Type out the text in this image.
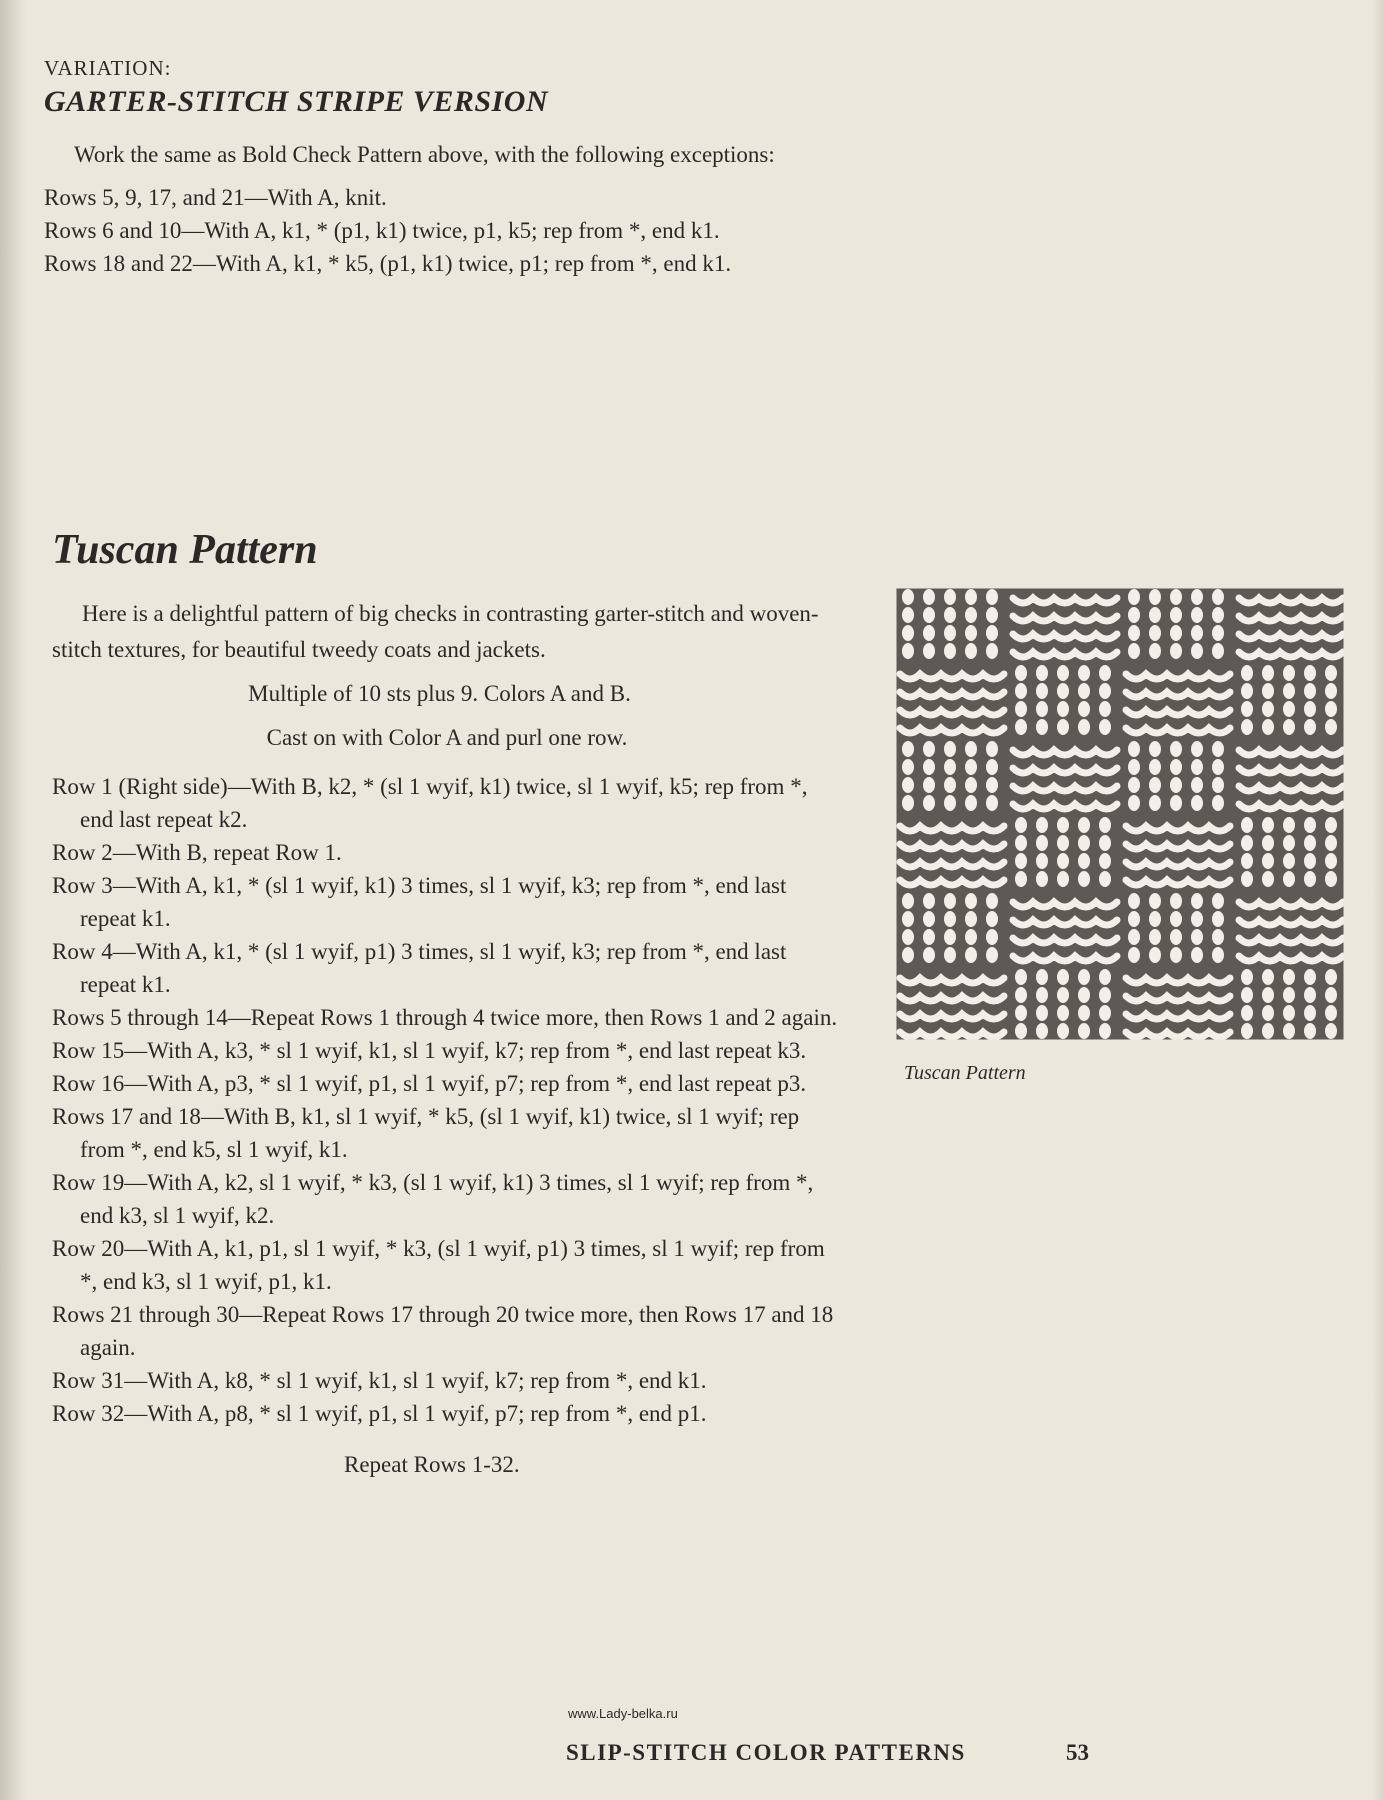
VARIATION:

GARTER-STITCH STRIPE VERSION

Work the same as Bold Check Pattern above, with the following exceptions:

Rows 5, 9, 17, and 21—With A, knit.

Rows 6 and 10—With A, k1, * (p1, k1) twice, p1, k5; rep from *, end k1.

Rows 18 and 22—With A, k1, * k5, (p1, k1) twice, p1; rep from *, end k1.

Tuscan Pattern

Here is a delightful pattern of big checks in contrasting garter-stitch and woven-stitch textures, for beautiful tweedy coats and jackets.

Multiple of 10 sts plus 9. Colors A and B.

Cast on with Color A and purl one row.

Row 1 (Right side)—With B, k2, * (sl 1 wyif, k1) twice, sl 1 wyif, k5; rep from *, end last repeat k2.

Row 2—With B, repeat Row 1.

Row 3—With A, k1, * (sl 1 wyif, k1) 3 times, sl 1 wyif, k3; rep from *, end last repeat k1.

Row 4—With A, k1, * (sl 1 wyif, p1) 3 times, sl 1 wyif, k3; rep from *, end last repeat k1.

Rows 5 through 14—Repeat Rows 1 through 4 twice more, then Rows 1 and 2 again.

Row 15—With A, k3, * sl 1 wyif, k1, sl 1 wyif, k7; rep from *, end last repeat k3.

Row 16—With A, p3, * sl 1 wyif, p1, sl 1 wyif, p7; rep from *, end last repeat p3.

Rows 17 and 18—With B, k1, sl 1 wyif, * k5, (sl 1 wyif, k1) twice, sl 1 wyif; rep from *, end k5, sl 1 wyif, k1.

Row 19—With A, k2, sl 1 wyif, * k3, (sl 1 wyif, k1) 3 times, sl 1 wyif; rep from *, end k3, sl 1 wyif, k2.

Row 20—With A, k1, p1, sl 1 wyif, * k3, (sl 1 wyif, p1) 3 times, sl 1 wyif; rep from *, end k3, sl 1 wyif, p1, k1.

Rows 21 through 30—Repeat Rows 17 through 20 twice more, then Rows 17 and 18 again.

Row 31—With A, k8, * sl 1 wyif, k1, sl 1 wyif, k7; rep from *, end k1.

Row 32—With A, p8, * sl 1 wyif, p1, sl 1 wyif, p7; rep from *, end p1.

Repeat Rows 1-32.

Tuscan Pattern
www.Lady-belka.ru
SLIP-STITCH COLOR PATTERNS	53
